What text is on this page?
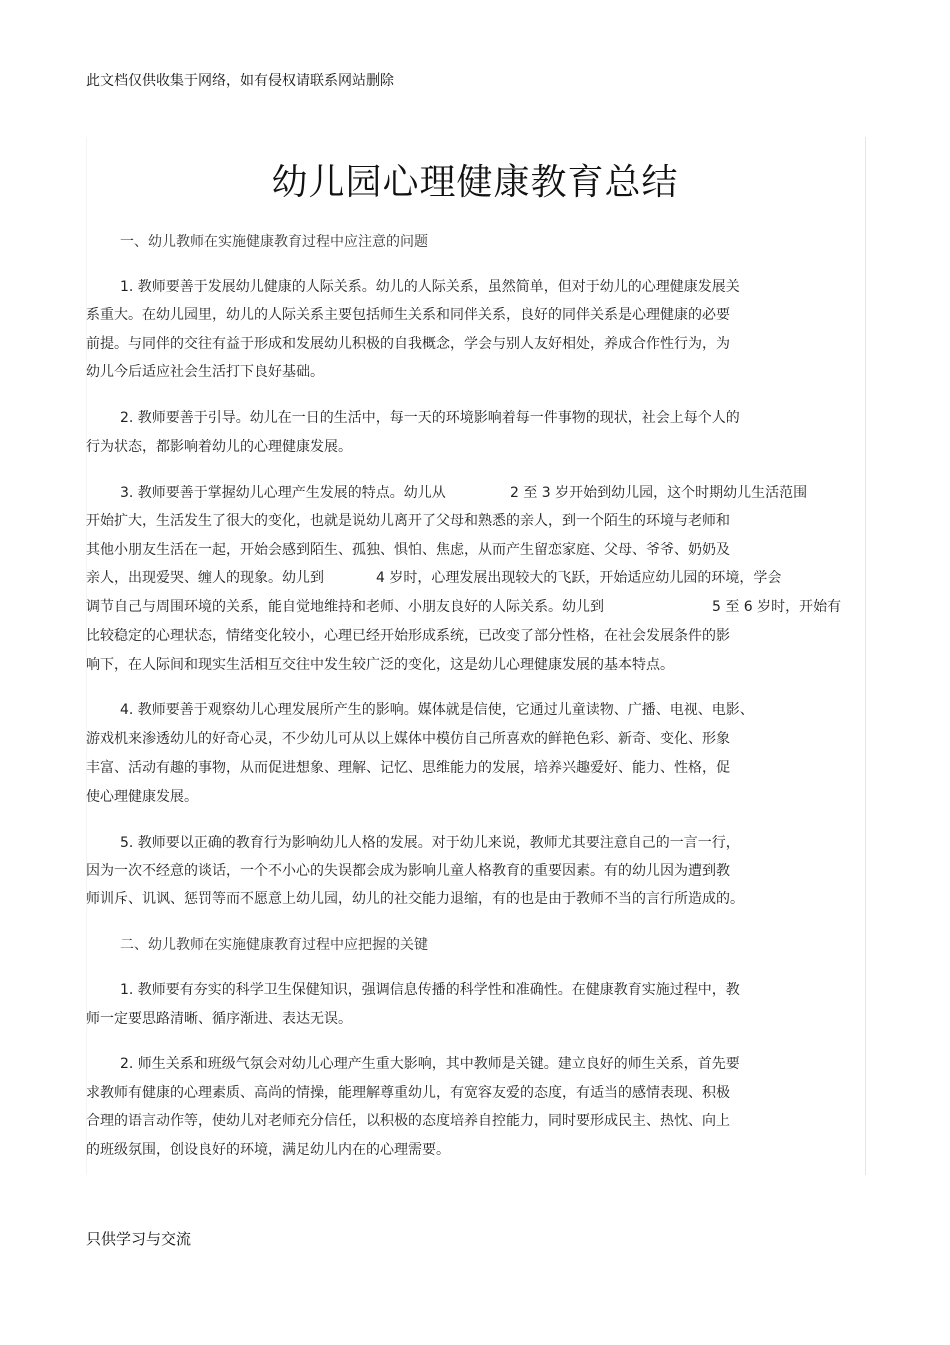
此文档仅供收集于网络，如有侵权请联系网站删除
幼儿园心理健康教育总结
一、幼儿教师在实施健康教育过程中应注意的问题
1. 教师要善于发展幼儿健康的人际关系。幼儿的人际关系，虽然简单，但对于幼儿的心理健康发展关
系重大。在幼儿园里，幼儿的人际关系主要包括师生关系和同伴关系，良好的同伴关系是心理健康的必要
前提。与同伴的交往有益于形成和发展幼儿积极的自我概念，学会与别人友好相处，养成合作性行为，为
幼儿今后适应社会生活打下良好基础。
2. 教师要善于引导。幼儿在一日的生活中，每一天的环境影响着每一件事物的现状，社会上每个人的
行为状态，都影响着幼儿的心理健康发展。
3. 教师要善于掌握幼儿心理产生发展的特点。幼儿从	2 至 3 岁开始到幼儿园，这个时期幼儿生活范围
开始扩大，生活发生了很大的变化，也就是说幼儿离开了父母和熟悉的亲人，到一个陌生的环境与老师和
其他小朋友生活在一起，开始会感到陌生、孤独、惧怕、焦虑，从而产生留恋家庭、父母、爷爷、奶奶及
亲人，出现爱哭、缠人的现象。幼儿到	4 岁时，心理发展出现较大的飞跃，开始适应幼儿园的环境，学会
调节自己与周围环境的关系，能自觉地维持和老师、小朋友良好的人际关系。幼儿到	5 至 6 岁时，开始有
比较稳定的心理状态，情绪变化较小，心理已经开始形成系统，已改变了部分性格，在社会发展条件的影
响下，在人际间和现实生活相互交往中发生较广泛的变化，这是幼儿心理健康发展的基本特点。
4. 教师要善于观察幼儿心理发展所产生的影响。媒体就是信使，它通过儿童读物、广播、电视、电影、
游戏机来渗透幼儿的好奇心灵，不少幼儿可从以上媒体中模仿自己所喜欢的鲜艳色彩、新奇、变化、形象
丰富、活动有趣的事物，从而促进想象、理解、记忆、思维能力的发展，培养兴趣爱好、能力、性格，促
使心理健康发展。
5. 教师要以正确的教育行为影响幼儿人格的发展。对于幼儿来说，教师尤其要注意自己的一言一行，
因为一次不经意的谈话，一个不小心的失误都会成为影响儿童人格教育的重要因素。有的幼儿因为遭到教
师训斥、讥讽、惩罚等而不愿意上幼儿园，幼儿的社交能力退缩，有的也是由于教师不当的言行所造成的。
二、幼儿教师在实施健康教育过程中应把握的关键
1. 教师要有夯实的科学卫生保健知识，强调信息传播的科学性和准确性。在健康教育实施过程中，教
师一定要思路清晰、循序渐进、表达无误。
2. 师生关系和班级气氛会对幼儿心理产生重大影响，其中教师是关键。建立良好的师生关系，首先要
求教师有健康的心理素质、高尚的情操，能理解尊重幼儿，有宽容友爱的态度，有适当的感情表现、积极
合理的语言动作等，使幼儿对老师充分信任，以积极的态度培养自控能力，同时要形成民主、热忱、向上
的班级氛围，创设良好的环境，满足幼儿内在的心理需要。
只供学习与交流
